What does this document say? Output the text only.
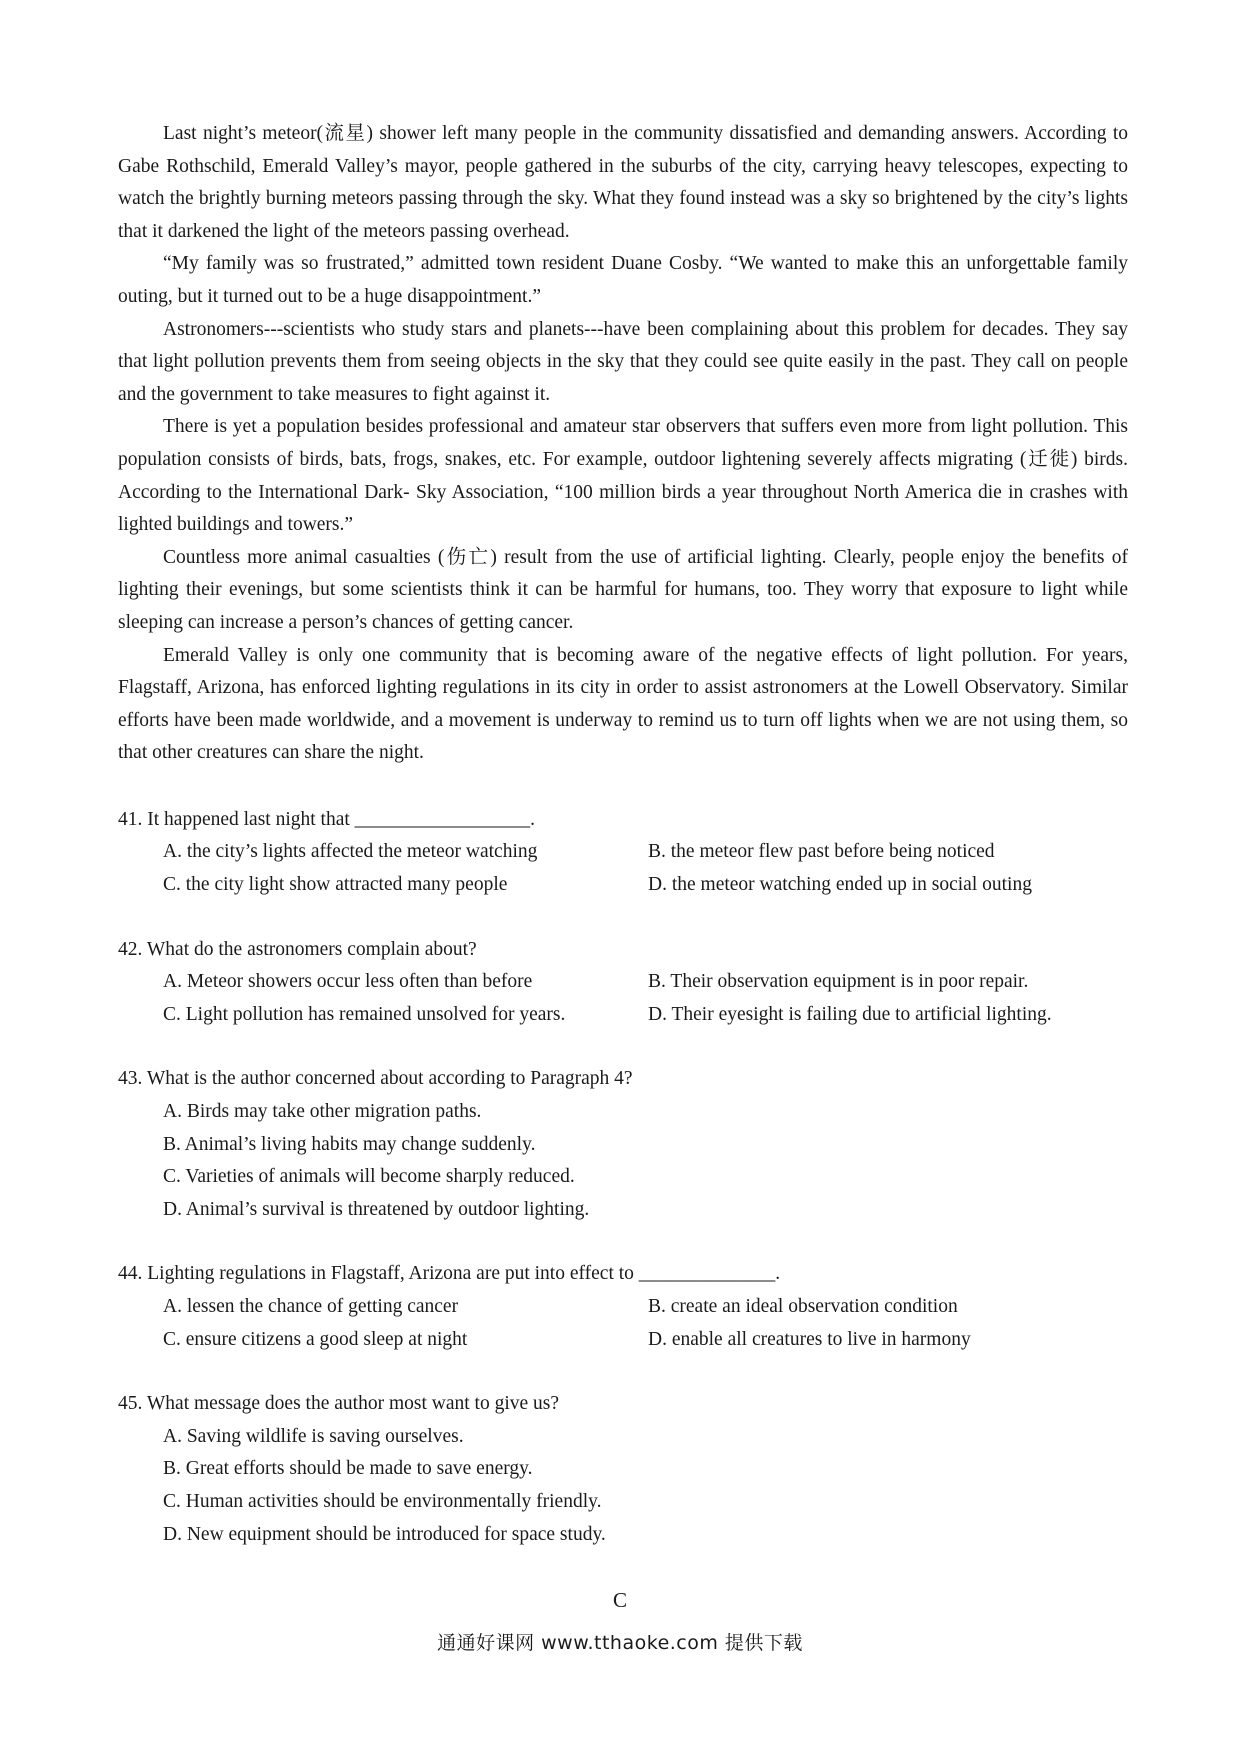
Last night’s meteor(流星) shower left many people in the community dissatisfied and demanding answers. According to Gabe Rothschild, Emerald Valley’s mayor, people gathered in the suburbs of the city, carrying heavy telescopes, expecting to watch the brightly burning meteors passing through the sky. What they found instead was a sky so brightened by the city’s lights that it darkened the light of the meteors passing overhead.

“My family was so frustrated,” admitted town resident Duane Cosby. “We wanted to make this an unforgettable family outing, but it turned out to be a huge disappointment.”

Astronomers---scientists who study stars and planets---have been complaining about this problem for decades. They say that light pollution prevents them from seeing objects in the sky that they could see quite easily in the past. They call on people and the government to take measures to fight against it.

There is yet a population besides professional and amateur star observers that suffers even more from light pollution. This population consists of birds, bats, frogs, snakes, etc. For example, outdoor lightening severely affects migrating (迁徙) birds. According to the International Dark- Sky Association, “100 million birds a year throughout North America die in crashes with lighted buildings and towers.”

Countless more animal casualties (伤亡) result from the use of artificial lighting. Clearly, people enjoy the benefits of lighting their evenings, but some scientists think it can be harmful for humans, too. They worry that exposure to light while sleeping can increase a person’s chances of getting cancer.

Emerald Valley is only one community that is becoming aware of the negative effects of light pollution. For years, Flagstaff, Arizona, has enforced lighting regulations in its city in order to assist astronomers at the Lowell Observatory. Similar efforts have been made worldwide, and a movement is underway to remind us to turn off lights when we are not using them, so that other creatures can share the night.

41. It happened last night that __________________.

A. the city’s lights affected the meteor watching	B. the meteor flew past before being noticed
C. the city light show attracted many people	D. the meteor watching ended up in social outing

42. What do the astronomers complain about?

A. Meteor showers occur less often than before	B. Their observation equipment is in poor repair.
C. Light pollution has remained unsolved for years.	D. Their eyesight is failing due to artificial lighting.

43. What is the author concerned about according to Paragraph 4?

A. Birds may take other migration paths.
B. Animal’s living habits may change suddenly.
C. Varieties of animals will become sharply reduced.
D. Animal’s survival is threatened by outdoor lighting.

44. Lighting regulations in Flagstaff, Arizona are put into effect to ______________.

A. lessen the chance of getting cancer	B. create an ideal observation condition
C. ensure citizens a good sleep at night	D. enable all creatures to live in harmony

45. What message does the author most want to give us?

A. Saving wildlife is saving ourselves.
B. Great efforts should be made to save energy.
C. Human activities should be environmentally friendly.
D. New equipment should be introduced for space study.
C
通通好课网 www.tthaoke.com 提供下载
